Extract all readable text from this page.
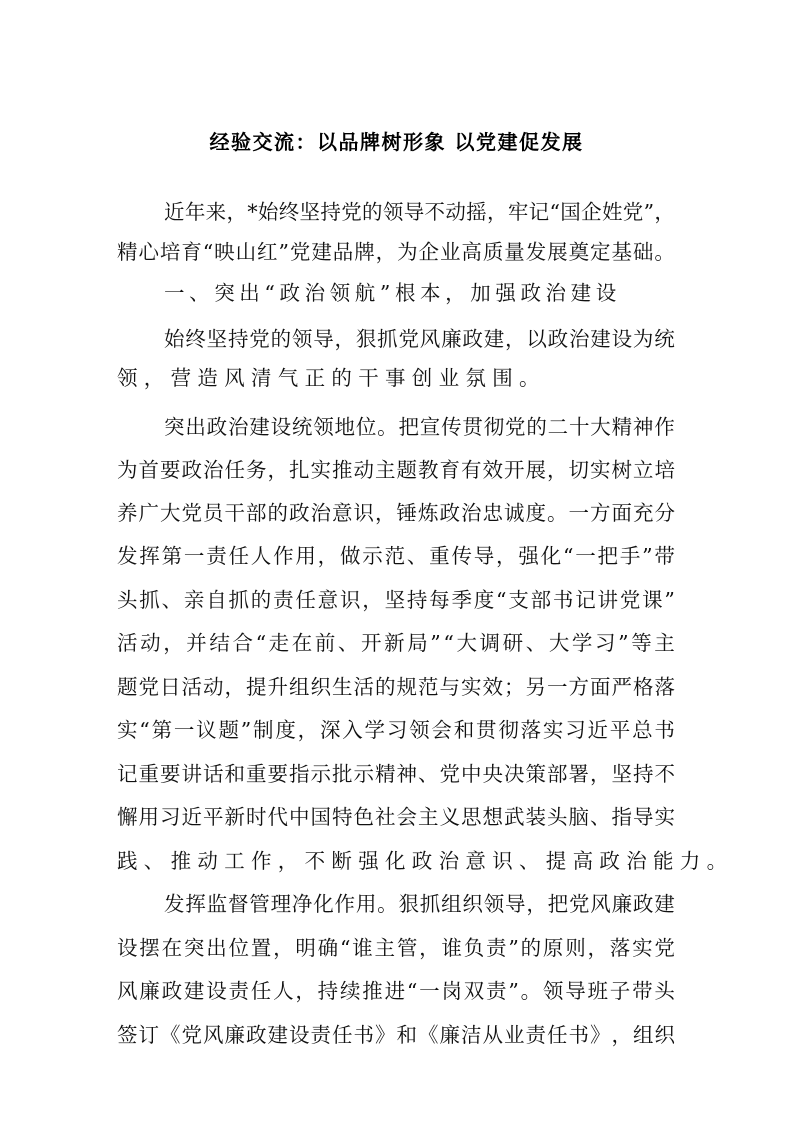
经验交流：以品牌树形象 以党建促发展
近 年 来 ， * 始 终 坚 持 党 的 领 导 不 动 摇 ， 牢 记 “ 国 企 姓 党 ” ，
精 心 培 育 “ 映 山 红 ” 党 建 品 牌 ， 为 企 业 高 质 量 发 展 奠 定 基 础 。
一、突出“政治领航”根本，加强政治建设
始 终 坚 持 党 的 领 导 ， 狠 抓 党 风 廉 政 建 ， 以 政 治 建 设 为 统
领，营造风清气正的干事创业氛围。
突 出 政 治 建 设 统 领 地 位 。 把 宣 传 贯 彻 党 的 二 十 大 精 神 作
为 首 要 政 治 任 务 ， 扎 实 推 动 主 题 教 育 有 效 开 展 ， 切 实 树 立 培
养 广 大 党 员 干 部 的 政 治 意 识 ， 锤 炼 政 治 忠 诚 度 。 一 方 面 充 分
发 挥 第 一 责 任 人 作 用 ， 做 示 范 、 重 传 导 ， 强 化 “ 一 把 手 ” 带
头 抓 、 亲 自 抓 的 责 任 意 识 ， 坚 持 每 季 度 “ 支 部 书 记 讲 党 课 ”
活 动 ， 并 结 合 “ 走 在 前 、 开 新 局 ” “ 大 调 研 、 大 学 习 ” 等 主
题 党 日 活 动 ， 提 升 组 织 生 活 的 规 范 与 实 效 ； 另 一 方 面 严 格 落
实 “ 第 一 议 题 ” 制 度 ， 深 入 学 习 领 会 和 贯 彻 落 实 习 近 平 总 书
记 重 要 讲 话 和 重 要 指 示 批 示 精 神 、 党 中 央 决 策 部 署 ， 坚 持 不
懈 用 习 近 平 新 时 代 中 国 特 色 社 会 主 义 思 想 武 装 头 脑 、 指 导 实
践、推动工作，不断强化政治意识、提高政治能力。
发 挥 监 督 管 理 净 化 作 用 。 狠 抓 组 织 领 导 ， 把 党 风 廉 政 建
设 摆 在 突 出 位 置 ， 明 确 “ 谁 主 管 ， 谁 负 责 ” 的 原 则 ， 落 实 党
风 廉 政 建 设 责 任 人 ， 持 续 推 进 “ 一 岗 双 责 ” 。 领 导 班 子 带 头
签 订 《 党 风 廉 政 建 设 责 任 书 》 和 《 廉 洁 从 业 责 任 书 》 ， 组 织
